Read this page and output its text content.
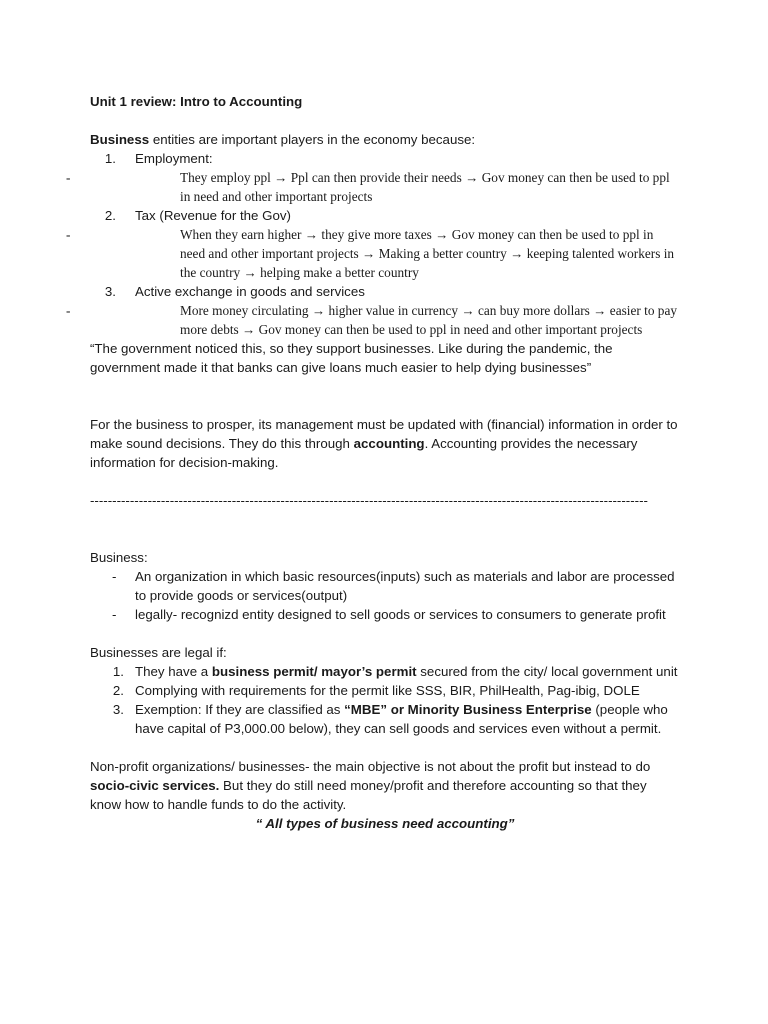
Unit 1 review: Intro to Accounting
Business entities are important players in the economy because:
1. Employment:
-	They employ ppl → Ppl can then provide their needs → Gov money can then be used to ppl in need and other important projects
2. Tax (Revenue for the Gov)
-	When they earn higher → they give more taxes → Gov money can then be used to ppl in need and other important projects → Making a better country → keeping talented workers in the country → helping make a better country
3. Active exchange in goods and services
-	More money circulating → higher value in currency → can buy more dollars → easier to pay more debts → Gov money can then be used to ppl in need and other important projects
“The government noticed this, so they support businesses. Like during the pandemic, the government made it that banks can give loans much easier to help dying businesses”
For the business to prosper, its management must be updated with (financial) information in order to make sound decisions. They do this through accounting. Accounting provides the necessary information for decision-making.
------------------------------------------------------------------------------------------------------------------------------
Business:
-	An organization in which basic resources(inputs) such as materials and labor are processed to provide goods or services(output)
-	legally- recognizd entity designed to sell goods or services to consumers to generate profit
Businesses are legal if:
1. They have a business permit/ mayor’s permit secured from the city/ local government unit
2. Complying with requirements for the permit like SSS, BIR, PhilHealth, Pag-ibig, DOLE
3. Exemption: If they are classified as “MBE” or Minority Business Enterprise (people who have capital of P3,000.00 below), they can sell goods and services even without a permit.
Non-profit organizations/ businesses- the main objective is not about the profit but instead to do socio-civic services. But they do still need money/profit and therefore accounting so that they know how to handle funds to do the activity.
“ All types of business need accounting”
